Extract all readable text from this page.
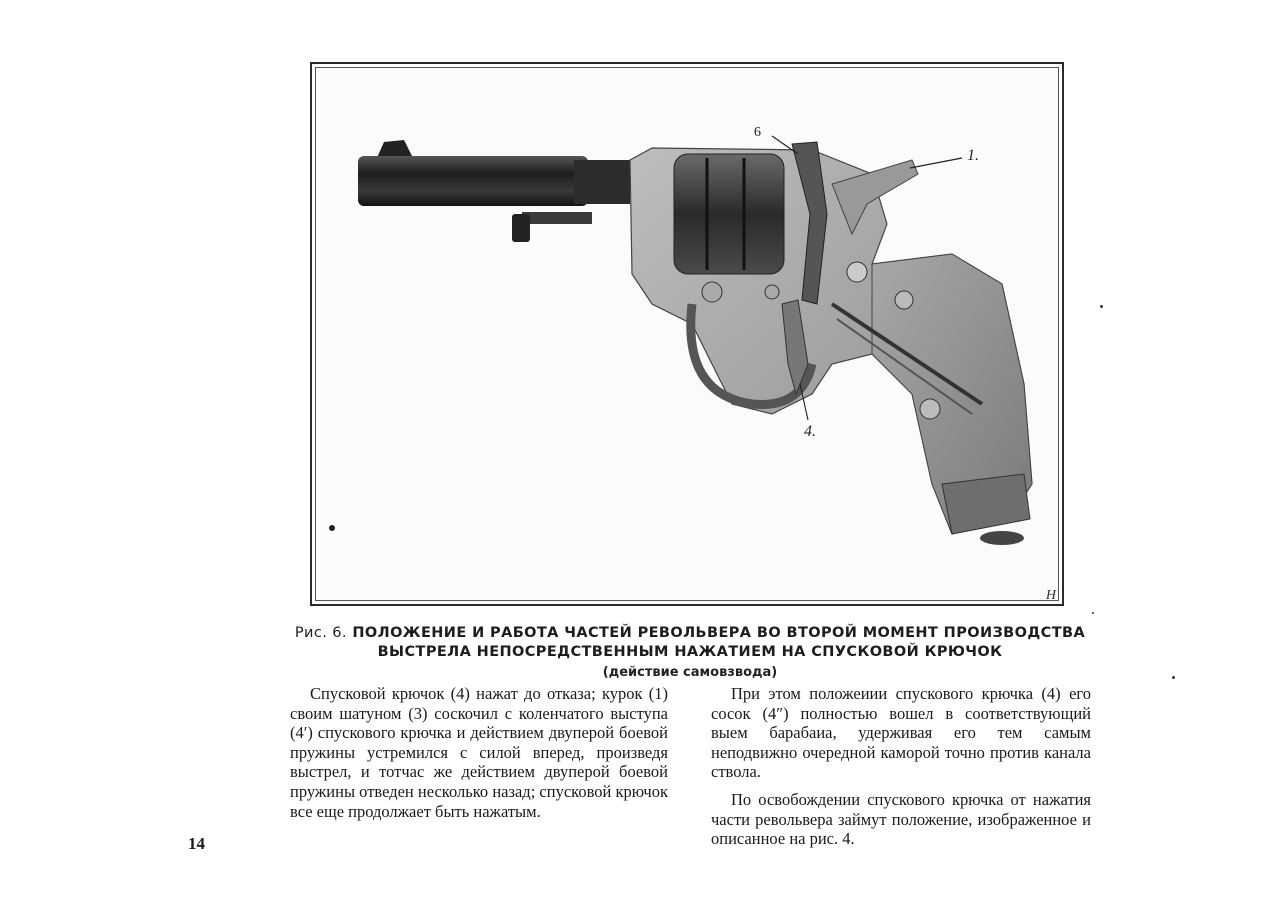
1.
6
4.
Н
Рис. 6. ПОЛОЖЕНИЕ И РАБОТА ЧАСТЕЙ РЕВОЛЬВЕРА ВО ВТОРОЙ МОМЕНТ ПРОИЗВОДСТВА
ВЫСТРЕЛА НЕПОСРЕДСТВЕННЫМ НАЖАТИЕМ НА СПУСКОВОЙ КРЮЧОК
(действие самовзвода)

Спусковой крючок (4) нажат до отказа; курок (1) своим шатуном (3) соскочил с коленчатого выступа (4′) спускового крючка и действием двуперой боевой пружины устремился с силой вперед, произведя выстрел, и тотчас же действием двуперой боевой пружины отведен несколько назад; спусковой крючок все еще продолжает быть нажатым.

При этом положеиии спускового крючка (4) его сосок (4″) полностью вошел в соответствующий выем барабаиа, удерживая его тем самым неподвижно очередной каморой точно против канала ствола.

По освобождении спускового крючка от нажатия части револьвера займут положение, изображенное и описанное на рис. 4.

14
